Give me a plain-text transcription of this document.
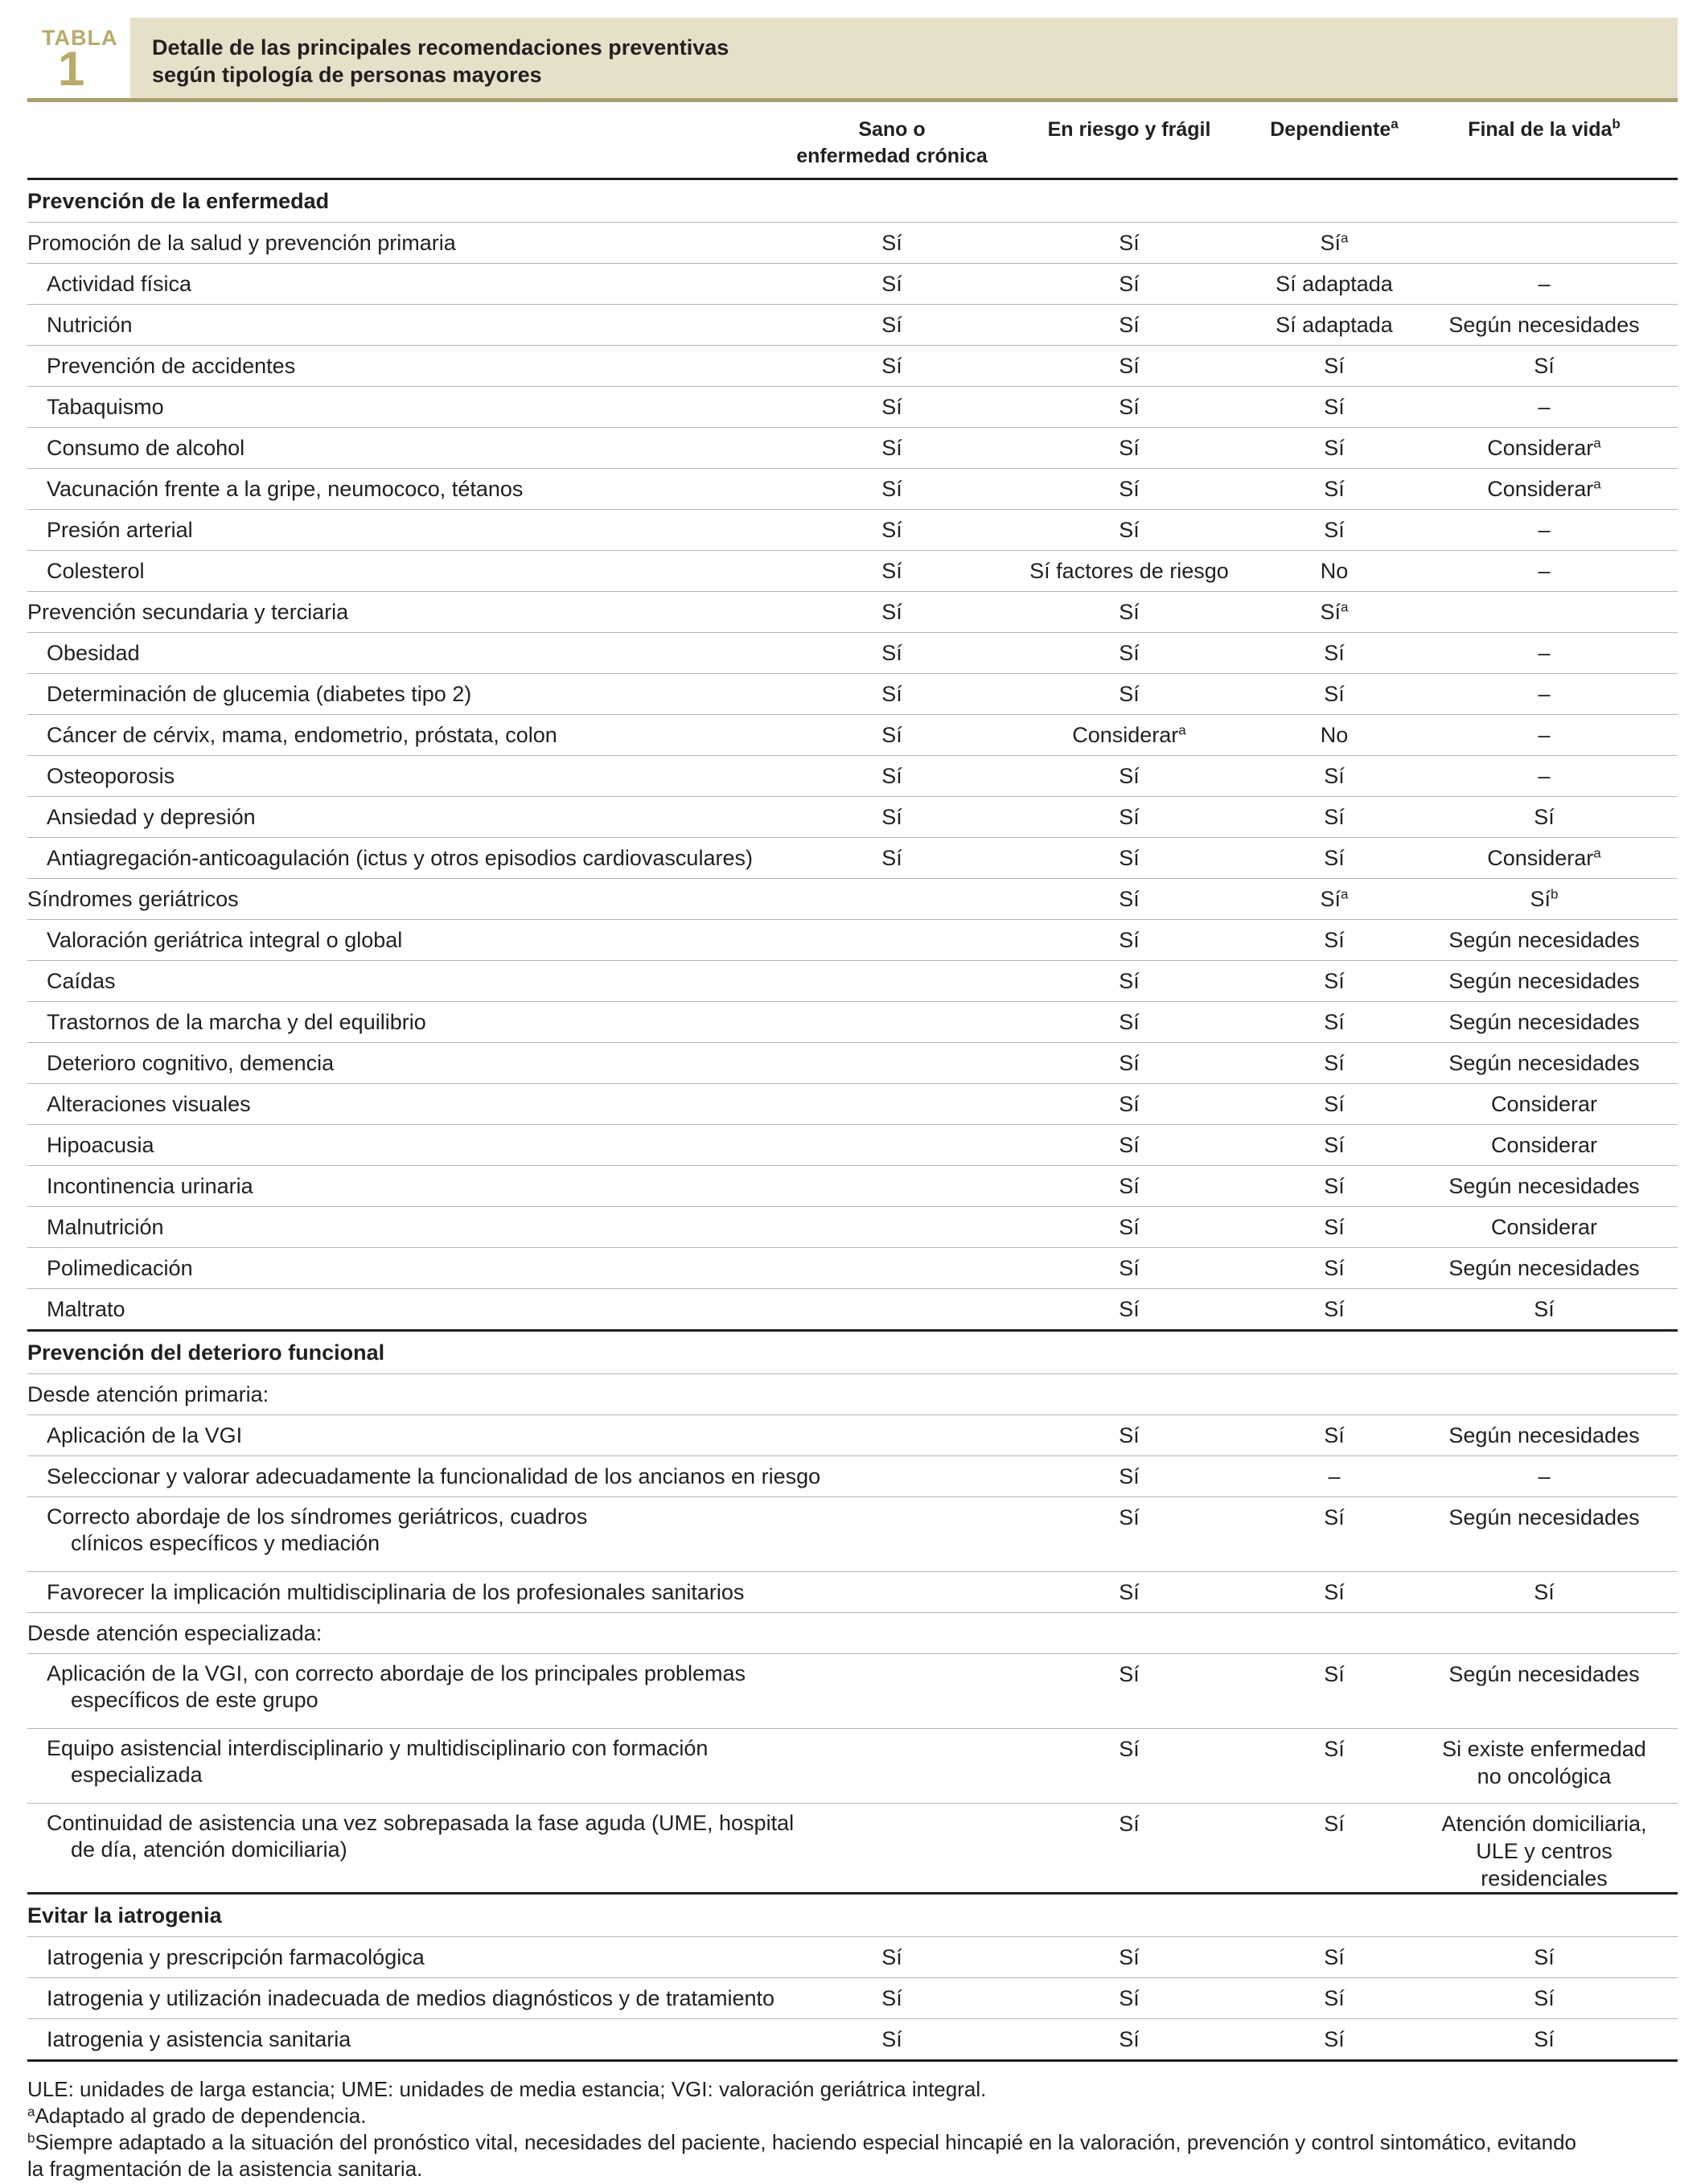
TABLA
1	Detalle de las principales recomendaciones preventivas
según tipología de personas mayores
	Sano o
enfermedad crónica	En riesgo y frágil	Dependiente$^a$	Final de la vida$^b$
Prevención de la enfermedad				
Promoción de la salud y prevención primaria	Sí	Sí	$Sí^a$	
Actividad física	Sí	Sí	Sí adaptada	–
Nutrición	Sí	Sí	Sí adaptada	Según necesidades
Prevención de accidentes	Sí	Sí	Sí	Sí
Tabaquismo	Sí	Sí	Sí	–
Consumo de alcohol	Sí	Sí	Sí	Considerar$^a$
Vacunación frente a la gripe, neumococo, tétanos	Sí	Sí	Sí	Considerar$^a$
Presión arterial	Sí	Sí	Sí	–
Colesterol	Sí	Sí factores de riesgo	No	–
Prevención secundaria y terciaria	Sí	Sí	$Sí^a$	
Obesidad	Sí	Sí	Sí	–
Determinación de glucemia (diabetes tipo 2)	Sí	Sí	Sí	–
Cáncer de cérvix, mama, endometrio, próstata, colon	Sí	Considerar$^a$	No	–
Osteoporosis	Sí	Sí	Sí	–
Ansiedad y depresión	Sí	Sí	Sí	Sí
Antiagregación-anticoagulación (ictus y otros episodios cardiovasculares)	Sí	Sí	Sí	Considerar$^a$
Síndromes geriátricos		Sí	$Sí^a$	$Sí^b$
Valoración geriátrica integral o global		Sí	Sí	Según necesidades
Caídas		Sí	Sí	Según necesidades
Trastornos de la marcha y del equilibrio		Sí	Sí	Según necesidades
Deterioro cognitivo, demencia		Sí	Sí	Según necesidades
Alteraciones visuales		Sí	Sí	Considerar
Hipoacusia		Sí	Sí	Considerar
Incontinencia urinaria		Sí	Sí	Según necesidades
Malnutrición		Sí	Sí	Considerar
Polimedicación		Sí	Sí	Según necesidades
Maltrato		Sí	Sí	Sí
Prevención del deterioro funcional				
Desde atención primaria:				
Aplicación de la VGI		Sí	Sí	Según necesidades
Seleccionar y valorar adecuadamente la funcionalidad de los ancianos en riesgo		Sí	–	–
Correcto abordaje de los síndromes geriátricos, cuadros
clínicos específicos y mediación		Sí	Sí	Según necesidades
Favorecer la implicación multidisciplinaria de los profesionales sanitarios		Sí	Sí	Sí
Desde atención especializada:				
Aplicación de la VGI, con correcto abordaje de los principales problemas
específicos de este grupo		Sí	Sí	Según necesidades
Equipo asistencial interdisciplinario y multidisciplinario con formación
especializada		Sí	Sí	Si existe enfermedad
no oncológica
Continuidad de asistencia una vez sobrepasada la fase aguda (UME, hospital
de día, atención domiciliaria)		Sí	Sí	Atención domiciliaria,
ULE y centros residenciales
Evitar la iatrogenia				
Iatrogenia y prescripción farmacológica	Sí	Sí	Sí	Sí
Iatrogenia y utilización inadecuada de medios diagnósticos y de tratamiento	Sí	Sí	Sí	Sí
Iatrogenia y asistencia sanitaria	Sí	Sí	Sí	Sí
ULE: unidades de larga estancia; UME: unidades de media estancia; VGI: valoración geriátrica integral.
$^a$Adaptado al grado de dependencia.
$^b$Siempre adaptado a la situación del pronóstico vital, necesidades del paciente, haciendo especial hincapié en la valoración, prevención y control sintomático, evitando
la fragmentación de la asistencia sanitaria.
